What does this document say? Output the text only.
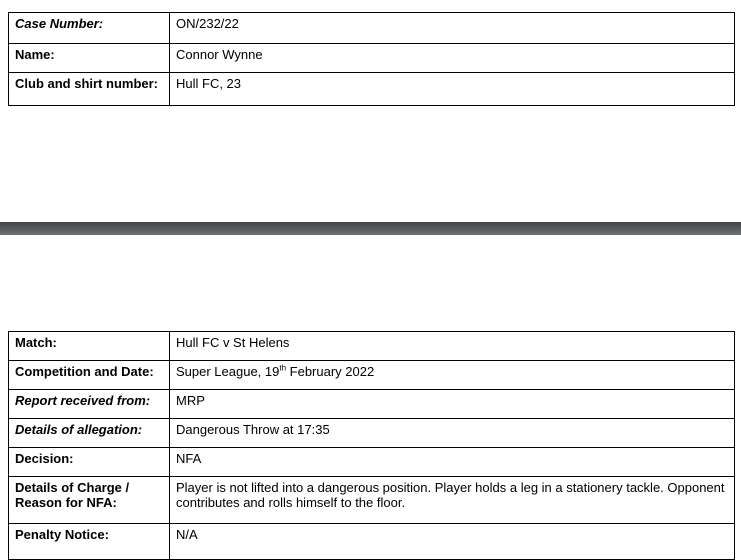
Case Number:	ON/232/22
Name:	Connor Wynne
Club and shirt number:	Hull FC, 23
Match:	Hull FC v St Helens
Competition and Date:	Super League, 19th February 2022
Report received from:	MRP
Details of allegation:	Dangerous Throw at 17:35
Decision:	NFA
Details of Charge / Reason for NFA:	Player is not lifted into a dangerous position. Player holds a leg in a stationery tackle. Opponent contributes and rolls himself to the floor.
Penalty Notice:	N/A
